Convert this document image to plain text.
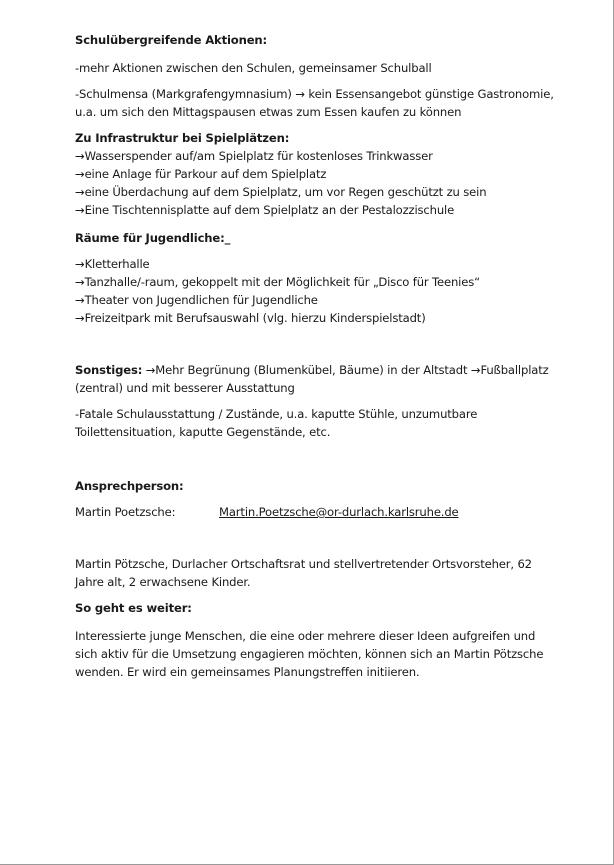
Schulübergreifende Aktionen:

-mehr Aktionen zwischen den Schulen, gemeinsamer Schulball

-Schulmensa (Markgrafengymnasium) → kein Essensangebot günstige Gastronomie, u.a. um sich den Mittagspausen etwas zum Essen kaufen zu können

Zu Infrastruktur bei Spielplätzen:

→Wasserspender auf/am Spielplatz für kostenloses Trinkwasser

→eine Anlage für Parkour auf dem Spielplatz

→eine Überdachung auf dem Spielplatz, um vor Regen geschützt zu sein

→Eine Tischtennisplatte auf dem Spielplatz an der Pestalozzischule

Räume für Jugendliche:_

→Kletterhalle

→Tanzhalle/-raum, gekoppelt mit der Möglichkeit für „Disco für Teenies“

→Theater von Jugendlichen für Jugendliche

→Freizeitpark mit Berufsauswahl (vlg. hierzu Kinderspielstadt)

Sonstiges: →Mehr Begrünung (Blumenkübel, Bäume) in der Altstadt →Fußballplatz (zentral) und mit besserer Ausstattung

-Fatale Schulausstattung / Zustände, u.a. kaputte Stühle, unzumutbare Toilettensituation, kaputte Gegenstände, etc.

Ansprechperson:

Martin Poetzsche:	Martin.Poetzsche@or-durlach.karlsruhe.de

Martin Pötzsche, Durlacher Ortschaftsrat und stellvertretender Ortsvorsteher, 62 Jahre alt, 2 erwachsene Kinder.

So geht es weiter:

Interessierte junge Menschen, die eine oder mehrere dieser Ideen aufgreifen und sich aktiv für die Umsetzung engagieren möchten, können sich an Martin Pötzsche wenden. Er wird ein gemeinsames Planungstreffen initiieren.
